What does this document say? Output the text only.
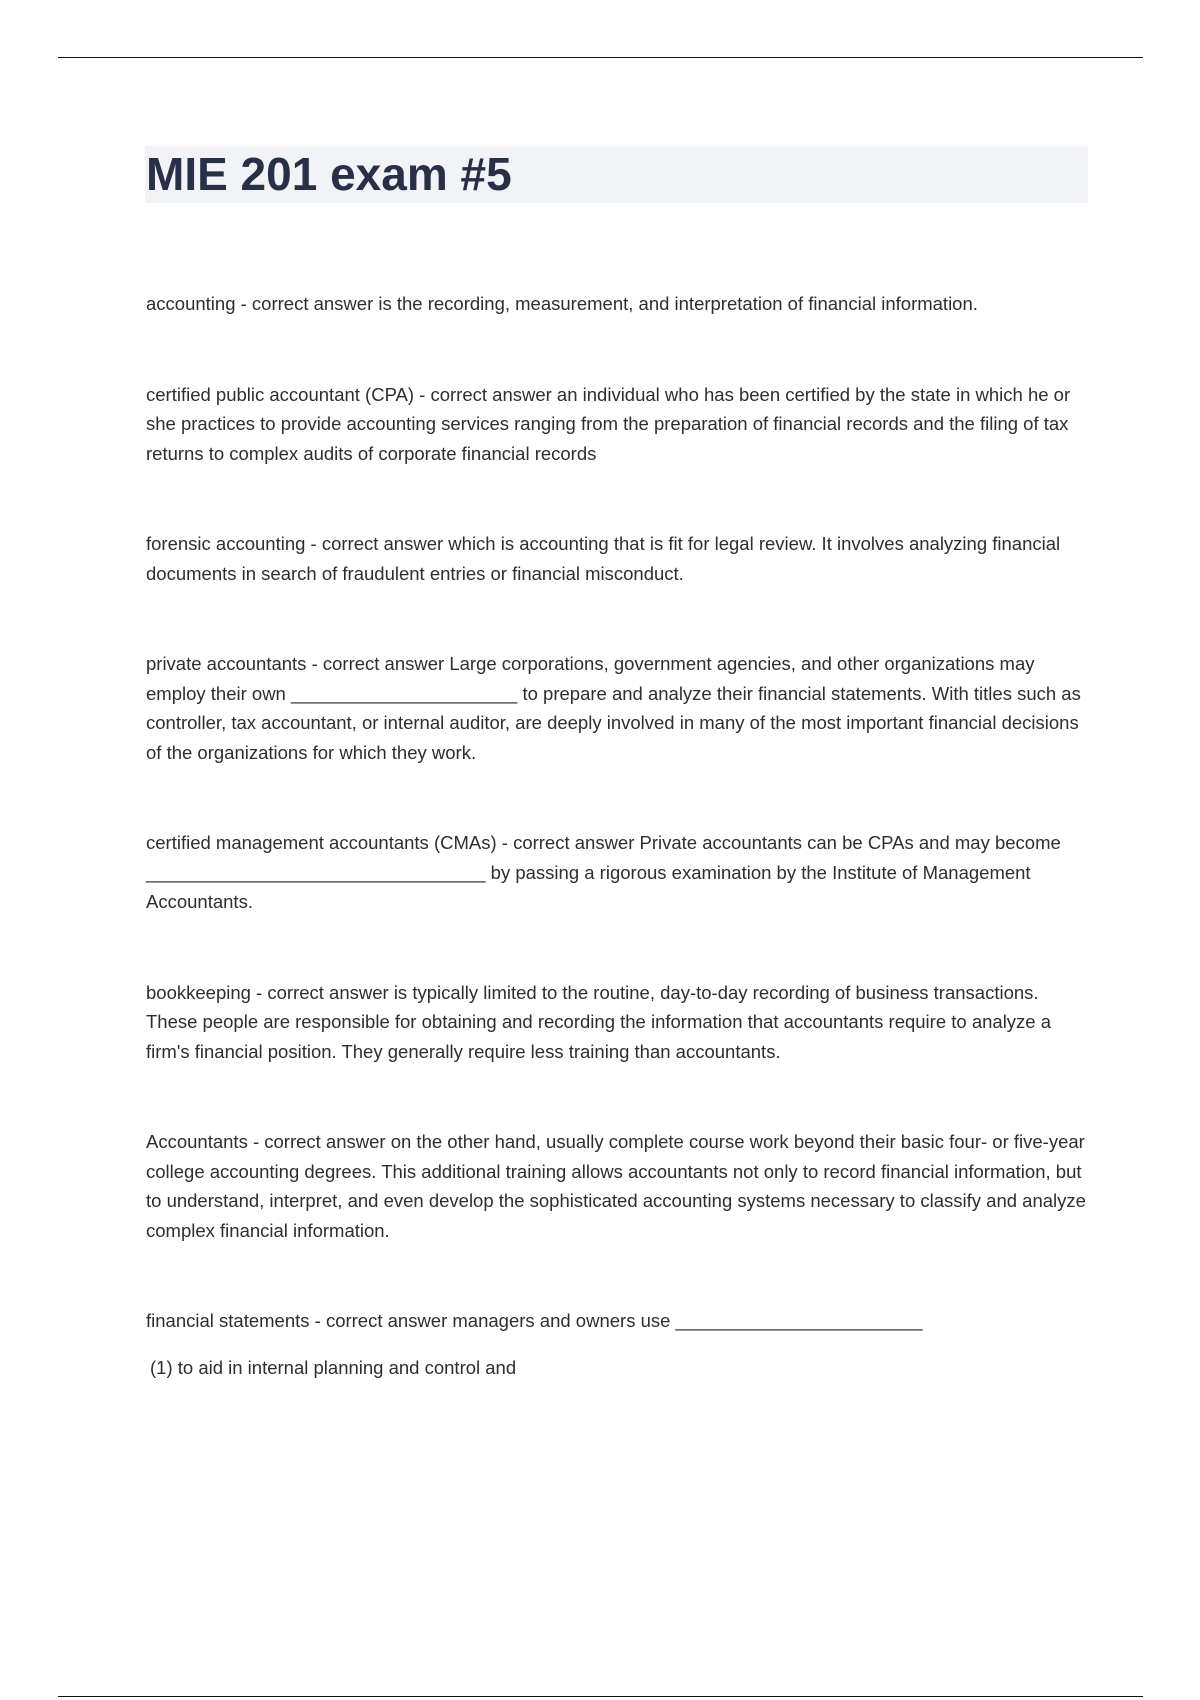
MIE 201 exam #5

accounting - correct answer is the recording, measurement, and interpretation of financial information.

certified public accountant (CPA) - correct answer an individual who has been certified by the state in which he or she practices to provide accounting services ranging from the preparation of financial records and the filing of tax returns to complex audits of corporate financial records

forensic accounting - correct answer which is accounting that is fit for legal review. It involves analyzing financial documents in search of fraudulent entries or financial misconduct.

private accountants - correct answer Large corporations, government agencies, and other organizations may employ their own ______________________ to prepare and analyze their financial statements. With titles such as controller, tax accountant, or internal auditor, are deeply involved in many of the most important financial decisions of the organizations for which they work.

certified management accountants (CMAs) - correct answer Private accountants can be CPAs and may become _________________________________ by passing a rigorous examination by the Institute of Management Accountants.

bookkeeping - correct answer is typically limited to the routine, day-to-day recording of business transactions. These people are responsible for obtaining and recording the information that accountants require to analyze a firm's financial position. They generally require less training than accountants.

Accountants - correct answer on the other hand, usually complete course work beyond their basic four- or five-year college accounting degrees. This additional training allows accountants not only to record financial information, but to understand, interpret, and even develop the sophisticated accounting systems necessary to classify and analyze complex financial information.

financial statements - correct answer managers and owners use ________________________

(1) to aid in internal planning and control and
